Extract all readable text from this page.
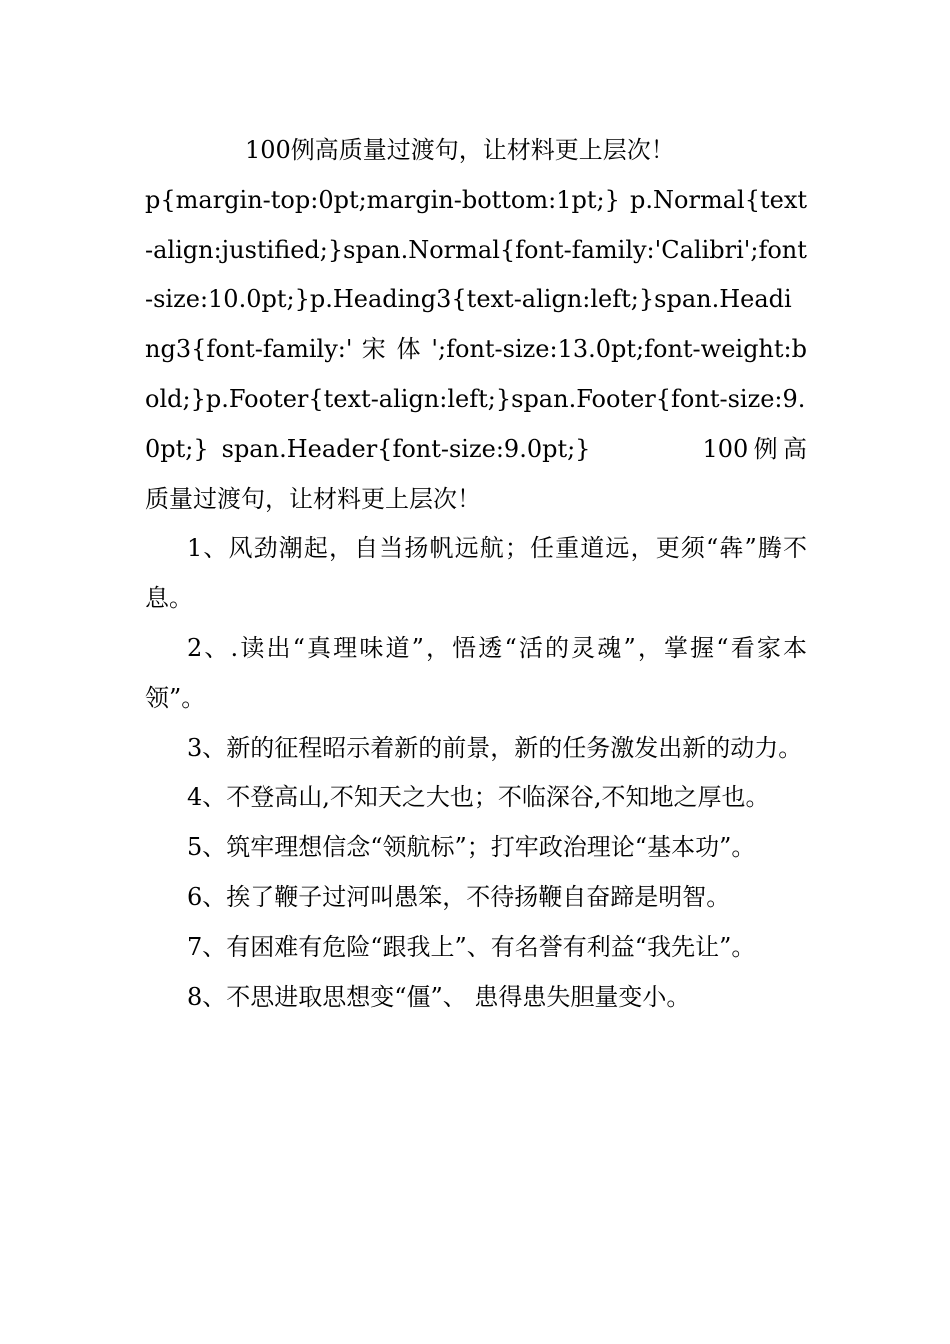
100例高质量过渡句，让材料更上层次！

p{margin-top:0pt;margin-bottom:1pt;} p.Normal{text-align:justified;}span.Normal{font-family:'Calibri';font-size:10.0pt;}p.Heading3{text-align:left;}span.Heading3{font-family:' 宋 体 ';font-size:13.0pt;font-weight:bold;}p.Footer{text-align:left;}span.Footer{font-size:9.0pt;} span.Header{font-size:9.0pt;}	100例高质量过渡句，让材料更上层次！

1、风劲潮起，自当扬帆远航；任重道远，更须“犇”腾不息。

2、.读出“真理味道”，悟透“活的灵魂”，掌握“看家本领”。

3、新的征程昭示着新的前景，新的任务激发出新的动力。

4、不登高山,不知天之大也；不临深谷,不知地之厚也。

5、筑牢理想信念“领航标”；打牢政治理论“基本功”。

6、挨了鞭子过河叫愚笨，不待扬鞭自奋蹄是明智。

7、有困难有危险“跟我上”、有名誉有利益“我先让”。

8、不思进取思想变“僵”、 患得患失胆量变小。
